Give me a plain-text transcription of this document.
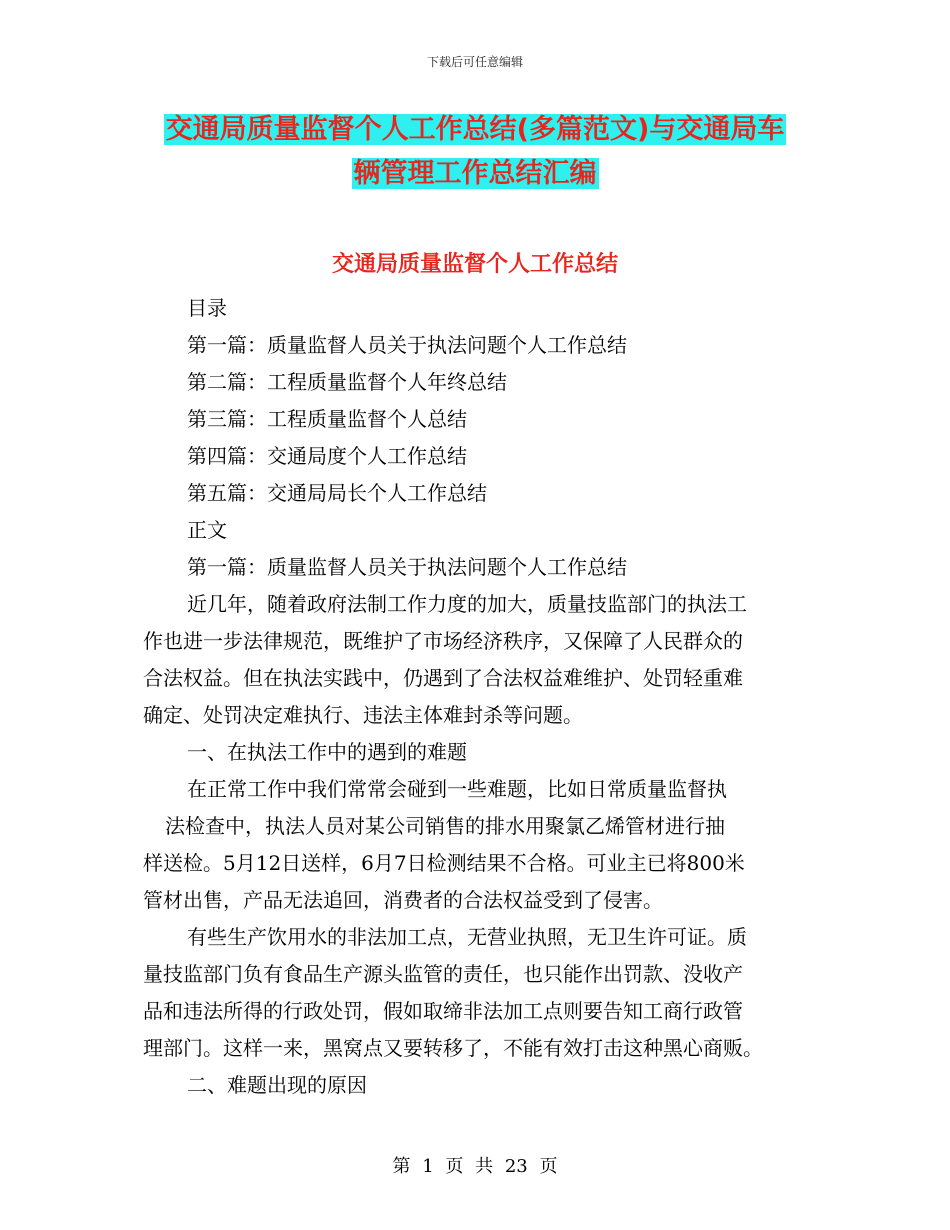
下载后可任意编辑
交通局质量监督个人工作总结(多篇范文)与交通局车
辆管理工作总结汇编
交通局质量监督个人工作总结
目录
第一篇：质量监督人员关于执法问题个人工作总结
第二篇：工程质量监督个人年终总结
第三篇：工程质量监督个人总结
第四篇：交通局度个人工作总结
第五篇：交通局局长个人工作总结
正文
第一篇：质量监督人员关于执法问题个人工作总结
近几年，随着政府法制工作力度的加大，质量技监部门的执法工
作也进一步法律规范，既维护了市场经济秩序，又保障了人民群众的
合法权益。但在执法实践中，仍遇到了合法权益难维护、处罚轻重难
确定、处罚决定难执行、违法主体难封杀等问题。
一、在执法工作中的遇到的难题
在正常工作中我们常常会碰到一些难题，比如日常质量监督执
法检查中，执法人员对某公司销售的排水用聚氯乙烯管材进行抽
样送检。5月12日送样，6月7日检测结果不合格。可业主已将800米
管材出售，产品无法追回，消费者的合法权益受到了侵害。
有些生产饮用水的非法加工点，无营业执照，无卫生许可证。质
量技监部门负有食品生产源头监管的责任，也只能作出罚款、没收产
品和违法所得的行政处罚，假如取缔非法加工点则要告知工商行政管
理部门。这样一来，黑窝点又要转移了，不能有效打击这种黑心商贩。
二、难题出现的原因
第 1 页 共 23 页
